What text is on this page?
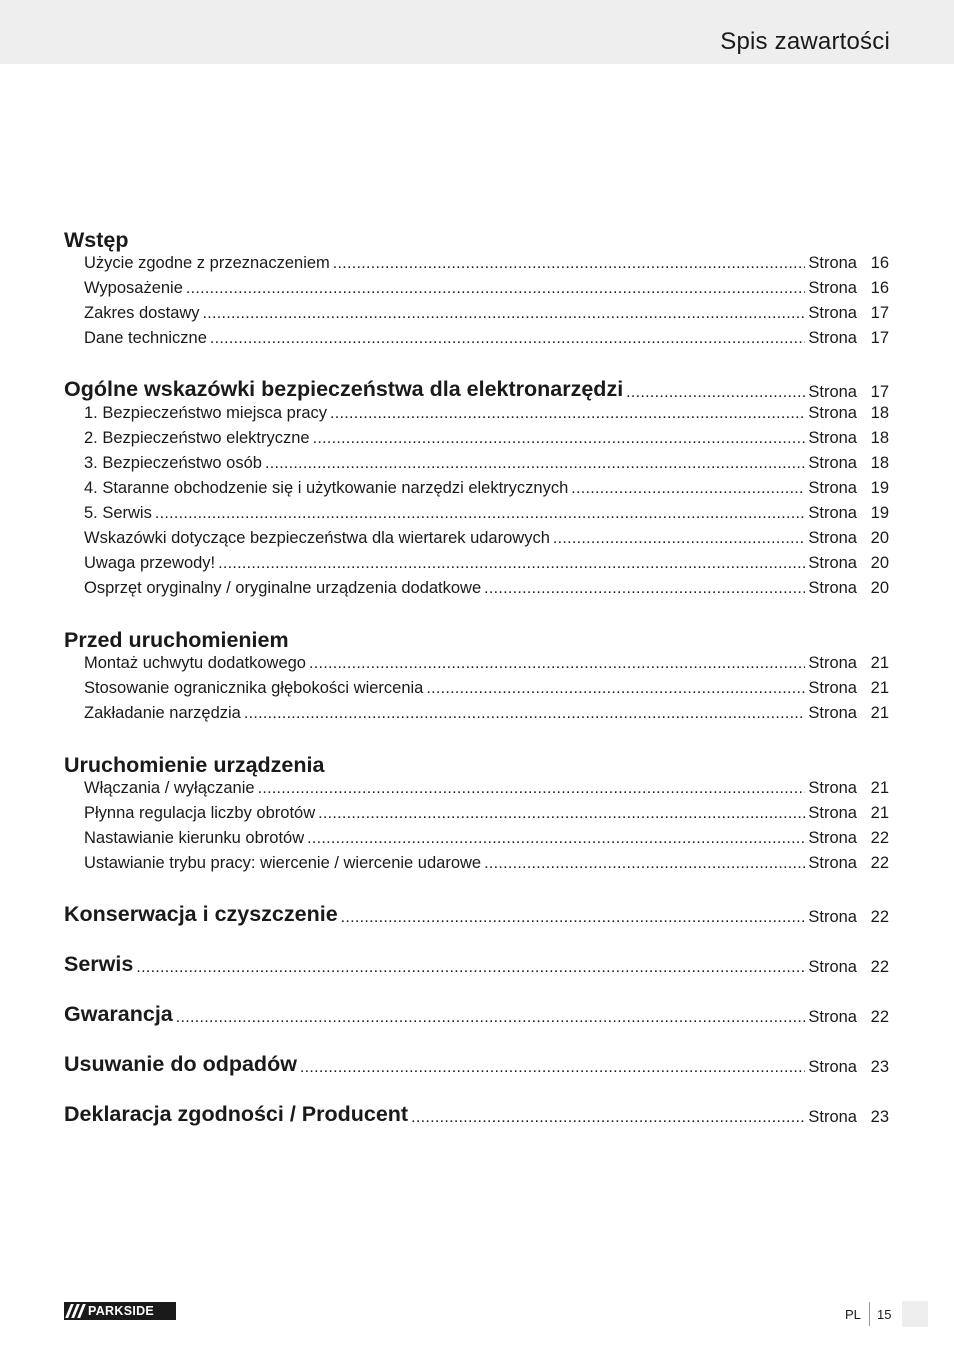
Spis zawartości
Wstęp
Użycie zgodne z przeznaczeniem .....	Strona 16
Wyposażenie .....	Strona 16
Zakres dostawy .....	Strona 17
Dane techniczne .....	Strona 17
Ogólne wskazówki bezpieczeństwa dla elektronarzędzi .....	Strona 17
1. Bezpieczeństwo miejsca pracy .....	Strona 18
2. Bezpieczeństwo elektryczne .....	Strona 18
3. Bezpieczeństwo osób .....	Strona 18
4. Staranne obchodzenie się i użytkowanie narzędzi elektrycznych .....	Strona 19
5. Serwis .....	Strona 19
Wskazówki dotyczące bezpieczeństwa dla wiertarek udarowych .....	Strona 20
Uwaga przewody! .....	Strona 20
Osprzęt oryginalny / oryginalne urządzenia dodatkowe .....	Strona 20
Przed uruchomieniem
Montaż uchwytu dodatkowego .....	Strona 21
Stosowanie ogranicznika głębokości wiercenia .....	Strona 21
Zakładanie narzędzia .....	Strona 21
Uruchomienie urządzenia
Włączania / wyłączanie .....	Strona 21
Płynna regulacja liczby obrotów .....	Strona 21
Nastawianie kierunku obrotów .....	Strona 22
Ustawianie trybu pracy: wiercenie / wiercenie udarowe .....	Strona 22
Konserwacja i czyszczenie .....	Strona 22
Serwis .....	Strona 22
Gwarancja .....	Strona 22
Usuwanie do odpadów .....	Strona 23
Deklaracja zgodności / Producent .....	Strona 23
PARKSIDE	PL 15
